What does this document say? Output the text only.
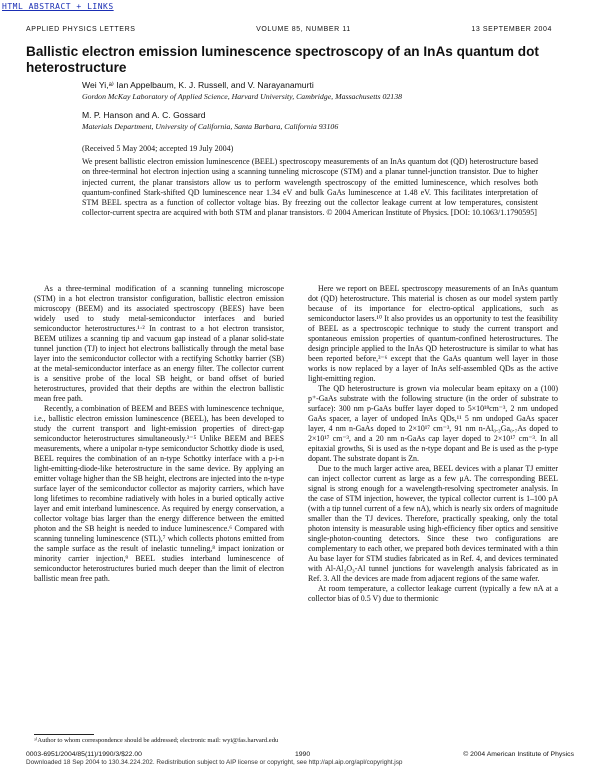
HTML ABSTRACT + LINKS
APPLIED PHYSICS LETTERS	VOLUME 85, NUMBER 11	13 SEPTEMBER 2004
Ballistic electron emission luminescence spectroscopy of an InAs quantum dot heterostructure
Wei Yi,ᵃ⁾ Ian Appelbaum, K. J. Russell, and V. Narayanamurti
Gordon McKay Laboratory of Applied Science, Harvard University, Cambridge, Massachusetts 02138
M. P. Hanson and A. C. Gossard
Materials Department, University of California, Santa Barbara, California 93106
(Received 5 May 2004; accepted 19 July 2004)
We present ballistic electron emission luminescence (BEEL) spectroscopy measurements of an InAs quantum dot (QD) heterostructure based on three-terminal hot electron injection using a scanning tunneling microscope (STM) and a planar tunnel-junction transistor. Due to higher injected current, the planar transistors allow us to perform wavelength spectroscopy of the emitted luminescence, which resolves both quantum-confined Stark-shifted QD luminescence near 1.34 eV and bulk GaAs luminescence at 1.48 eV. This facilitates interpretation of STM BEEL spectra as a function of collector voltage bias. By freezing out the collector leakage current at low temperatures, consistent collector-current spectra are acquired with both STM and planar transistors. © 2004 American Institute of Physics. [DOI: 10.1063/1.1790595]

As a three-terminal modification of a scanning tunneling microscope (STM) in a hot electron transistor configuration, ballistic electron emission microscopy (BEEM) and its associated spectroscopy (BEES) have been widely used to study metal-semiconductor interfaces and buried semiconductor heterostructures.¹·² In contrast to a hot electron transistor, BEEM utilizes a scanning tip and vacuum gap instead of a planar solid-state tunnel junction (TJ) to inject hot electrons ballistically through the metal base layer into the semiconductor collector with a rectifying Schottky barrier (SB) at the metal-semiconductor interface as an energy filter. The collector current is a sensitive probe of the local SB height, or band offset of buried heterostructures, provided that their depths are within the electron ballistic mean free path.

Recently, a combination of BEEM and BEES with luminescence technique, i.e., ballistic electron emission luminescence (BEEL), has been developed to study the current transport and light-emission properties of direct-gap semiconductor heterostructures simultaneously.³⁻⁵ Unlike BEEM and BEES measurements, where a unipolar n-type semiconductor Schottky diode is used, BEEL requires the combination of an n-type Schottky interface with a p-i-n light-emitting-diode-like heterostructure in the same device. By applying an emitter voltage higher than the SB height, electrons are injected into the n-type surface layer of the semiconductor collector as majority carriers, which have long lifetimes to recombine radiatively with holes in a buried optically active layer and emit interband luminescence. As required by energy conservation, a collector voltage bias larger than the energy difference between the emitted photon and the SB height is needed to induce luminescence.⁶ Compared with scanning tunneling luminescence (STL),⁷ which collects photons emitted from the sample surface as the result of inelastic tunneling,⁸ impact ionization or minority carrier injection,⁹ BEEL studies interband luminescence of semiconductor heterostructures buried much deeper than the limit of electron ballistic mean free path.

Here we report on BEEL spectroscopy measurements of an InAs quantum dot (QD) heterostructure. This material is chosen as our model system partly because of its importance for electro-optical applications, such as semiconductor lasers.¹⁰ It also provides us an opportunity to test the feasibility of BEEL as a spectroscopic technique to study the current transport and spontaneous emission properties of quantum-confined heterostructures. The design principle applied to the InAs QD heterostructure is similar to what has been reported before,³⁻⁶ except that the GaAs quantum well layer in those works is now replaced by a layer of InAs self-assembled QDs as the active light-emitting region.

The QD heterostructure is grown via molecular beam epitaxy on a (100) p⁺-GaAs substrate with the following structure (in the order of substrate to surface): 300 nm p-GaAs buffer layer doped to 5×10¹⁸cm⁻³, 2 nm undoped GaAs spacer, a layer of undoped InAs QDs,¹¹ 5 nm undoped GaAs spacer layer, 4 nm n-GaAs doped to 2×10¹⁷ cm⁻³, 91 nm n-Al₀.₃Ga₀.₇As doped to 2×10¹⁷ cm⁻³, and a 20 nm n-GaAs cap layer doped to 2×10¹⁷ cm⁻³. In all epitaxial growths, Si is used as the n-type dopant and Be is used as the p-type dopant. The substrate dopant is Zn.

Due to the much larger active area, BEEL devices with a planar TJ emitter can inject collector current as large as a few μA. The corresponding BEEL signal is strong enough for a wavelength-resolving spectrometer analysis. In the case of STM injection, however, the typical collector current is 1–100 pA (with a tip tunnel current of a few nA), which is nearly six orders of magnitude smaller than the TJ devices. Therefore, practically speaking, only the total photon intensity is measurable using high-efficiency fiber optics and sensitive single-photon-counting detectors. Since these two configurations are complementary to each other, we prepared both devices terminated with a thin Au base layer for STM studies fabricated as in Ref. 4, and devices terminated with Al-Al₂O₃-Al tunnel junctions for wavelength analysis fabricated as in Ref. 3. All the devices are made from adjacent regions of the same wafer.

At room temperature, a collector leakage current (typically a few nA at a collector bias of 0.5 V) due to thermionic

ᵃ⁾Author to whom correspondence should be addressed; electronic mail: wyi@fas.harvard.edu
0003-6951/2004/85(11)/1990/3/$22.00	1990	© 2004 American Institute of Physics
Downloaded 18 Sep 2004 to 130.34.224.202. Redistribution subject to AIP license or copyright, see http://apl.aip.org/apl/copyright.jsp
